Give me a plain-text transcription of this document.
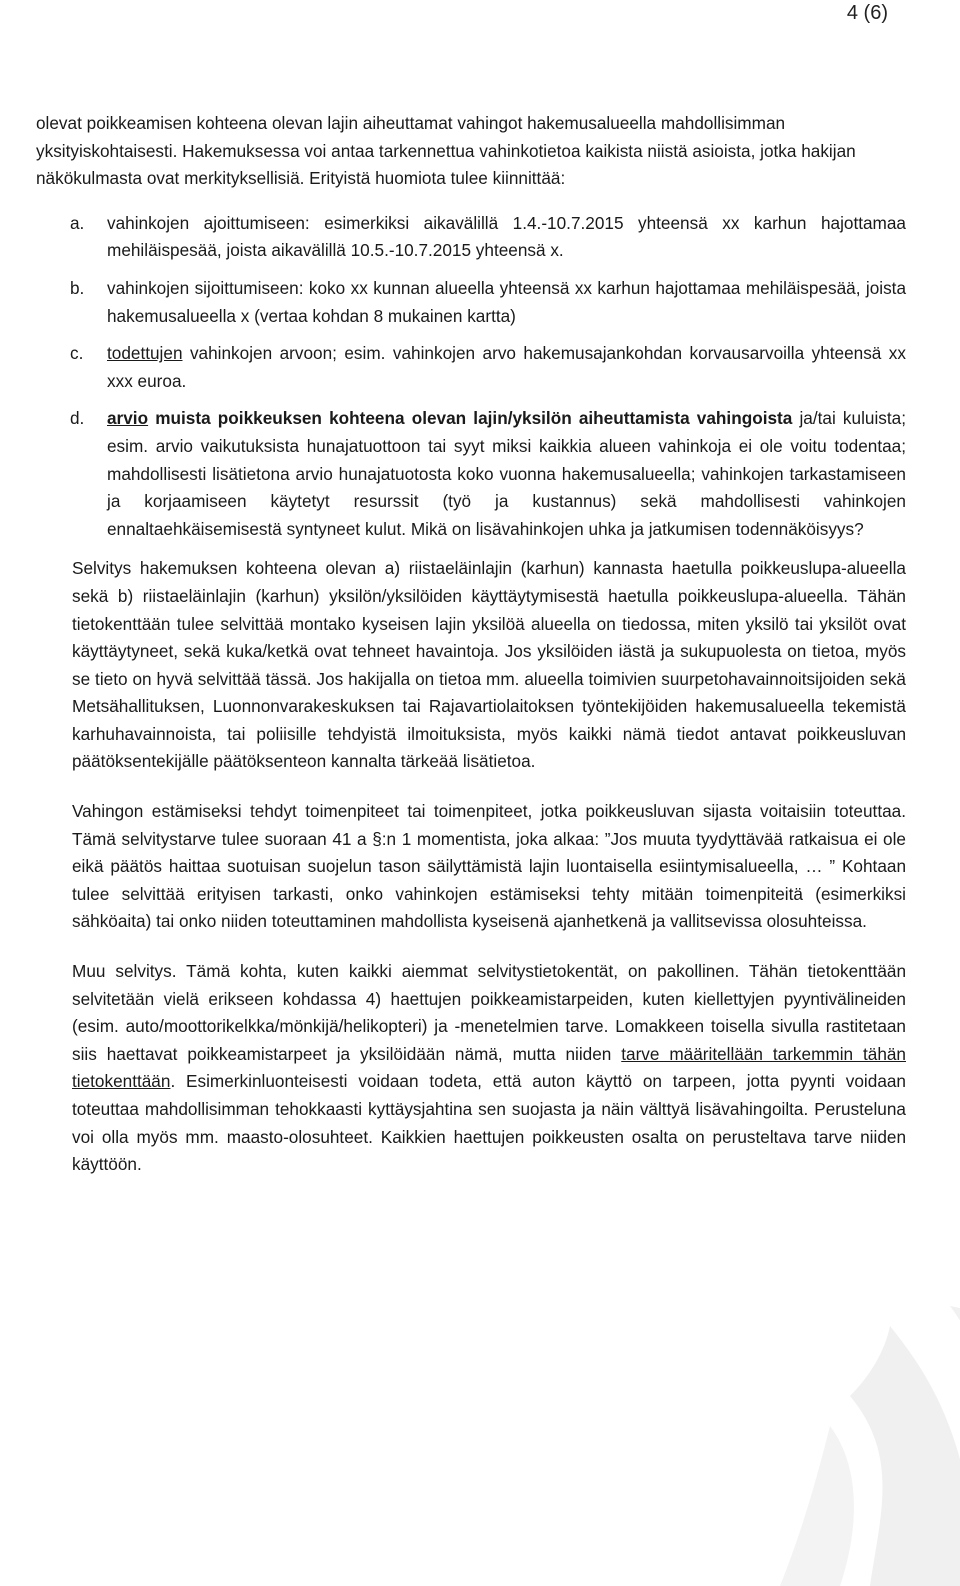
4 (6)

olevat poikkeamisen kohteena olevan lajin aiheuttamat vahingot hakemusalueella mahdollisimman yksityiskohtaisesti. Hakemuksessa voi antaa tarkennettua vahinkotietoa kaikista niistä asioista, jotka hakijan näkökulmasta ovat merkityksellisiä. Erityistä huomiota tulee kiinnittää:

a.	vahinkojen ajoittumiseen: esimerkiksi aikavälillä 1.4.-10.7.2015 yhteensä xx karhun hajottamaa mehiläispesää, joista aikavälillä 10.5.-10.7.2015 yhteensä x.
b.	vahinkojen sijoittumiseen: koko xx kunnan alueella yhteensä xx karhun hajottamaa mehiläispesää, joista hakemusalueella x (vertaa kohdan 8 mukainen kartta)
c.	todettujen vahinkojen arvoon; esim. vahinkojen arvo hakemusajankohdan korvausarvoilla yhteensä xx xxx euroa.
d.	arvio muista poikkeuksen kohteena olevan lajin/yksilön aiheuttamista vahingoista ja/tai kuluista; esim. arvio vaikutuksista hunajatuottoon tai syyt miksi kaikkia alueen vahinkoja ei ole voitu todentaa; mahdollisesti lisätietona arvio hunajatuotosta koko vuonna hakemusalueella; vahinkojen tarkastamiseen ja korjaamiseen käytetyt resurssit (työ ja kustannus) sekä mahdollisesti vahinkojen ennaltaehkäisemisestä syntyneet kulut. Mikä on lisävahinkojen uhka ja jatkumisen todennäköisyys?
Selvitys hakemuksen kohteena olevan a) riistaeläinlajin (karhun) kannasta haetulla poikkeuslupa-alueella sekä b) riistaeläinlajin (karhun) yksilön/yksilöiden käyttäytymisestä haetulla poikkeuslupa-alueella. Tähän tietokenttään tulee selvittää montako kyseisen lajin yksilöä alueella on tiedossa, miten yksilö tai yksilöt ovat käyttäytyneet, sekä kuka/ketkä ovat tehneet havaintoja. Jos yksilöiden iästä ja sukupuolesta on tietoa, myös se tieto on hyvä selvittää tässä. Jos hakijalla on tietoa mm. alueella toimivien suurpetohavainnoitsijoiden sekä Metsähallituksen, Luonnonvarakeskuksen tai Rajavartiolaitoksen työntekijöiden hakemusalueella tekemistä karhuhavainnoista, tai poliisille tehdyistä ilmoituksista, myös kaikki nämä tiedot antavat poikkeusluvan päätöksentekijälle päätöksenteon kannalta tärkeää lisätietoa.
Vahingon estämiseksi tehdyt toimenpiteet tai toimenpiteet, jotka poikkeusluvan sijasta voitaisiin toteuttaa. Tämä selvitystarve tulee suoraan 41 a §:n 1 momentista, joka alkaa: ”Jos muuta tyydyttävää ratkaisua ei ole eikä päätös haittaa suotuisan suojelun tason säilyttämistä lajin luontaisella esiintymisalueella, … ” Kohtaan tulee selvittää erityisen tarkasti, onko vahinkojen estämiseksi tehty mitään toimenpiteitä (esimerkiksi sähköaita) tai onko niiden toteuttaminen mahdollista kyseisenä ajanhetkenä ja vallitsevissa olosuhteissa.
Muu selvitys. Tämä kohta, kuten kaikki aiemmat selvitystietokentät, on pakollinen. Tähän tietokenttään selvitetään vielä erikseen kohdassa 4) haettujen poikkeamistarpeiden, kuten kiellettyjen pyyntivälineiden (esim. auto/moottorikelkka/mönkijä/helikopteri) ja -menetelmien tarve. Lomakkeen toisella sivulla rastitetaan siis haettavat poikkeamistarpeet ja yksilöidään nämä, mutta niiden tarve määritellään tarkemmin tähän tietokenttään. Esimerkinluonteisesti voidaan todeta, että auton käyttö on tarpeen, jotta pyynti voidaan toteuttaa mahdollisimman tehokkaasti kyttäysjahtina sen suojasta ja näin välttyä lisävahingoilta. Perusteluna voi olla myös mm. maasto-olosuhteet. Kaikkien haettujen poikkeusten osalta on perusteltava tarve niiden käyttöön.
